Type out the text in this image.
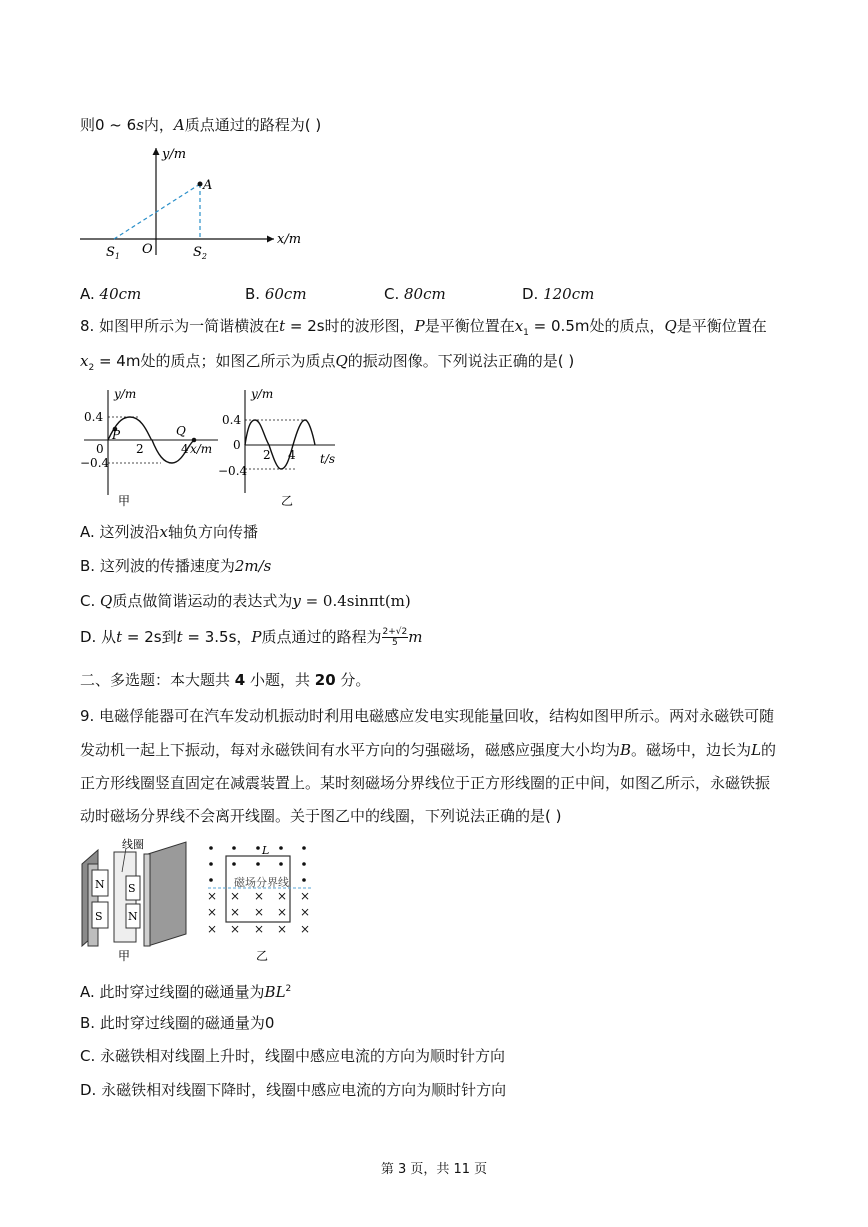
则0 ~ 6s内，A质点通过的路程为( )
y/m
x/m
A
$S_1$ O	$S_2$
A. 40cm	B. 60cm	C. 80cm	D. 120cm
8. 如图甲所示为一简谐横波在t = 2s时的波形图，P是平衡位置在$x_1 = 0.5m$处的质点，Q是平衡位置在
$x_2 = 4m$处的质点；如图乙所示为质点Q的振动图像。下列说法正确的是( )
y/m
0.4
−0.4
0
P	Q
2	4 x/m
甲
y/m
0.4
−0.4
0
2 4 t/s
乙
A. 这列波沿x轴负方向传播
B. 这列波的传播速度为2m/s
C. Q质点做简谐运动的表达式为y = 0.4sinπt(m)
D. 从t = 2s到t = 3.5s，P质点通过的路程为 $\frac{2+√2}{5}$ m
二、多选题：本大题共 4 小题，共 20 分。
9. 电磁俘能器可在汽车发动机振动时利用电磁感应发电实现能量回收，结构如图甲所示。两对永磁铁可随
发动机一起上下振动，每对永磁铁间有水平方向的匀强磁场，磁感应强度大小均为B。磁场中，边长为L的
正方形线圈竖直固定在减震装置上。某时刻磁场分界线位于正方形线圈的正中间，如图乙所示，永磁铁振
动时磁场分界线不会离开线圈。关于图乙中的线圈，下列说法正确的是( )
线圈
N
S
S
N
甲
× × × × ×
× × × × ×
× × × × ×
L
磁场分界线
乙
A. 此时穿过线圈的磁通量为$BL^2$
B. 此时穿过线圈的磁通量为0
C. 永磁铁相对线圈上升时，线圈中感应电流的方向为顺时针方向
D. 永磁铁相对线圈下降时，线圈中感应电流的方向为顺时针方向
第 3 页，共 11 页
